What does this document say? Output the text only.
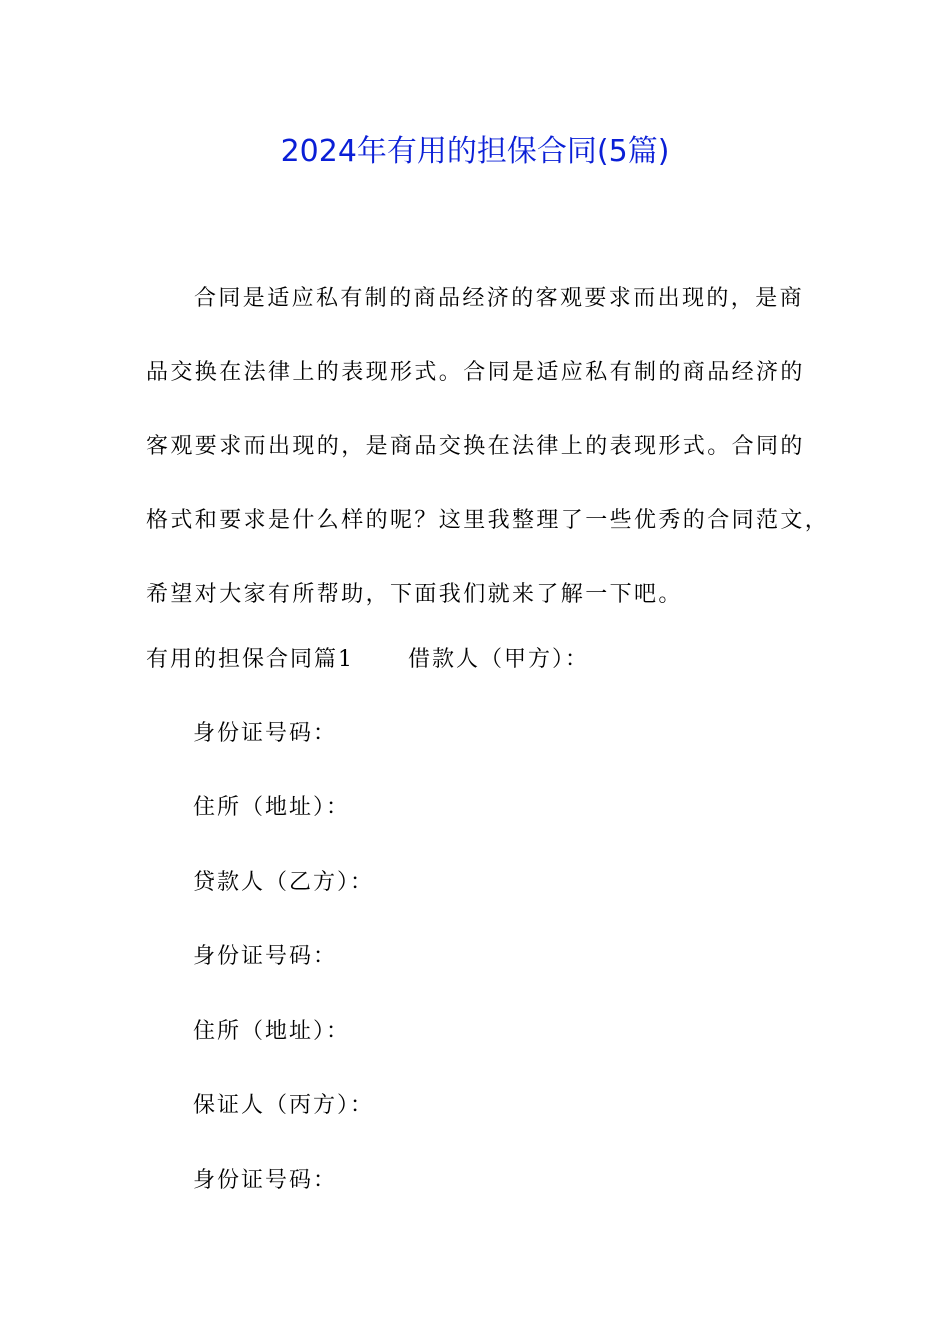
2024年有用的担保合同(5篇)
合同是适应私有制的商品经济的客观要求而出现的，是商
品交换在法律上的表现形式。合同是适应私有制的商品经济的
客观要求而出现的，是商品交换在法律上的表现形式。合同的
格式和要求是什么样的呢？这里我整理了一些优秀的合同范文，
希望对大家有所帮助，下面我们就来了解一下吧。
有用的担保合同篇1 借款人（甲方）：
身份证号码：
住所（地址）：
贷款人（乙方）：
身份证号码：
住所（地址）：
保证人（丙方）：
身份证号码：
